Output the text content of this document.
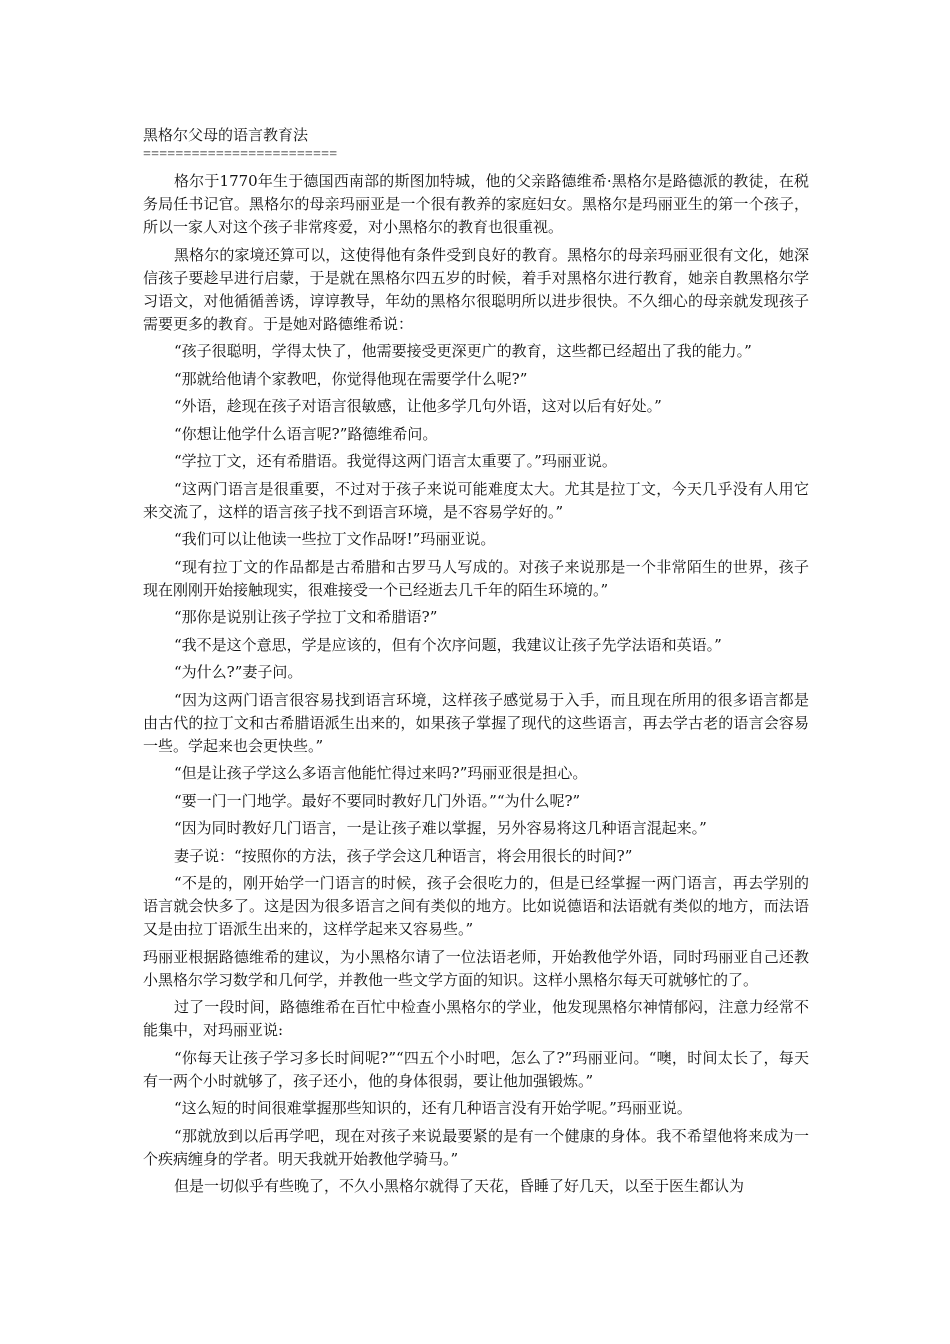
黑格尔父母的语言教育法
========================

格尔于1770年生于德国西南部的斯图加特城，他的父亲路德维希·黑格尔是路德派的教徒，在税务局任书记官。黑格尔的母亲玛丽亚是一个很有教养的家庭妇女。黑格尔是玛丽亚生的第一个孩子，所以一家人对这个孩子非常疼爱，对小黑格尔的教育也很重视。

黑格尔的家境还算可以，这使得他有条件受到良好的教育。黑格尔的母亲玛丽亚很有文化，她深信孩子要趁早进行启蒙，于是就在黑格尔四五岁的时候，着手对黑格尔进行教育，她亲自教黑格尔学习语文，对他循循善诱，谆谆教导，年幼的黑格尔很聪明所以进步很快。不久细心的母亲就发现孩子需要更多的教育。于是她对路德维希说：

“孩子很聪明，学得太快了，他需要接受更深更广的教育，这些都已经超出了我的能力。”

“那就给他请个家教吧，你觉得他现在需要学什么呢?”

“外语，趁现在孩子对语言很敏感，让他多学几句外语，这对以后有好处。”

“你想让他学什么语言呢?”路德维希问。

“学拉丁文，还有希腊语。我觉得这两门语言太重要了。”玛丽亚说。

“这两门语言是很重要，不过对于孩子来说可能难度太大。尤其是拉丁文，今天几乎没有人用它来交流了，这样的语言孩子找不到语言环境，是不容易学好的。”

“我们可以让他读一些拉丁文作品呀!”玛丽亚说。

“现有拉丁文的作品都是古希腊和古罗马人写成的。对孩子来说那是一个非常陌生的世界，孩子现在刚刚开始接触现实，很难接受一个已经逝去几千年的陌生环境的。”

“那你是说别让孩子学拉丁文和希腊语?”

“我不是这个意思，学是应该的，但有个次序问题，我建议让孩子先学法语和英语。”

“为什么?”妻子问。

“因为这两门语言很容易找到语言环境，这样孩子感觉易于入手，而且现在所用的很多语言都是由古代的拉丁文和古希腊语派生出来的，如果孩子掌握了现代的这些语言，再去学古老的语言会容易一些。学起来也会更快些。”

“但是让孩子学这么多语言他能忙得过来吗?”玛丽亚很是担心。

“要一门一门地学。最好不要同时教好几门外语。”“为什么呢?”

“因为同时教好几门语言，一是让孩子难以掌握，另外容易将这几种语言混起来。”

妻子说：“按照你的方法，孩子学会这几种语言，将会用很长的时间?”

“不是的，刚开始学一门语言的时候，孩子会很吃力的，但是已经掌握一两门语言，再去学别的语言就会快多了。这是因为很多语言之间有类似的地方。比如说德语和法语就有类似的地方，而法语又是由拉丁语派生出来的，这样学起来又容易些。”

玛丽亚根据路德维希的建议，为小黑格尔请了一位法语老师，开始教他学外语，同时玛丽亚自己还教小黑格尔学习数学和几何学，并教他一些文学方面的知识。这样小黑格尔每天可就够忙的了。

过了一段时间，路德维希在百忙中检查小黑格尔的学业，他发现黑格尔神情郁闷，注意力经常不能集中，对玛丽亚说:

“你每天让孩子学习多长时间呢?”“四五个小时吧，怎么了?”玛丽亚问。“噢，时间太长了，每天有一两个小时就够了，孩子还小，他的身体很弱，要让他加强锻炼。”

“这么短的时间很难掌握那些知识的，还有几种语言没有开始学呢。”玛丽亚说。

“那就放到以后再学吧，现在对孩子来说最要紧的是有一个健康的身体。我不希望他将来成为一个疾病缠身的学者。明天我就开始教他学骑马。”

但是一切似乎有些晚了，不久小黑格尔就得了天花，昏睡了好几天，以至于医生都认为
